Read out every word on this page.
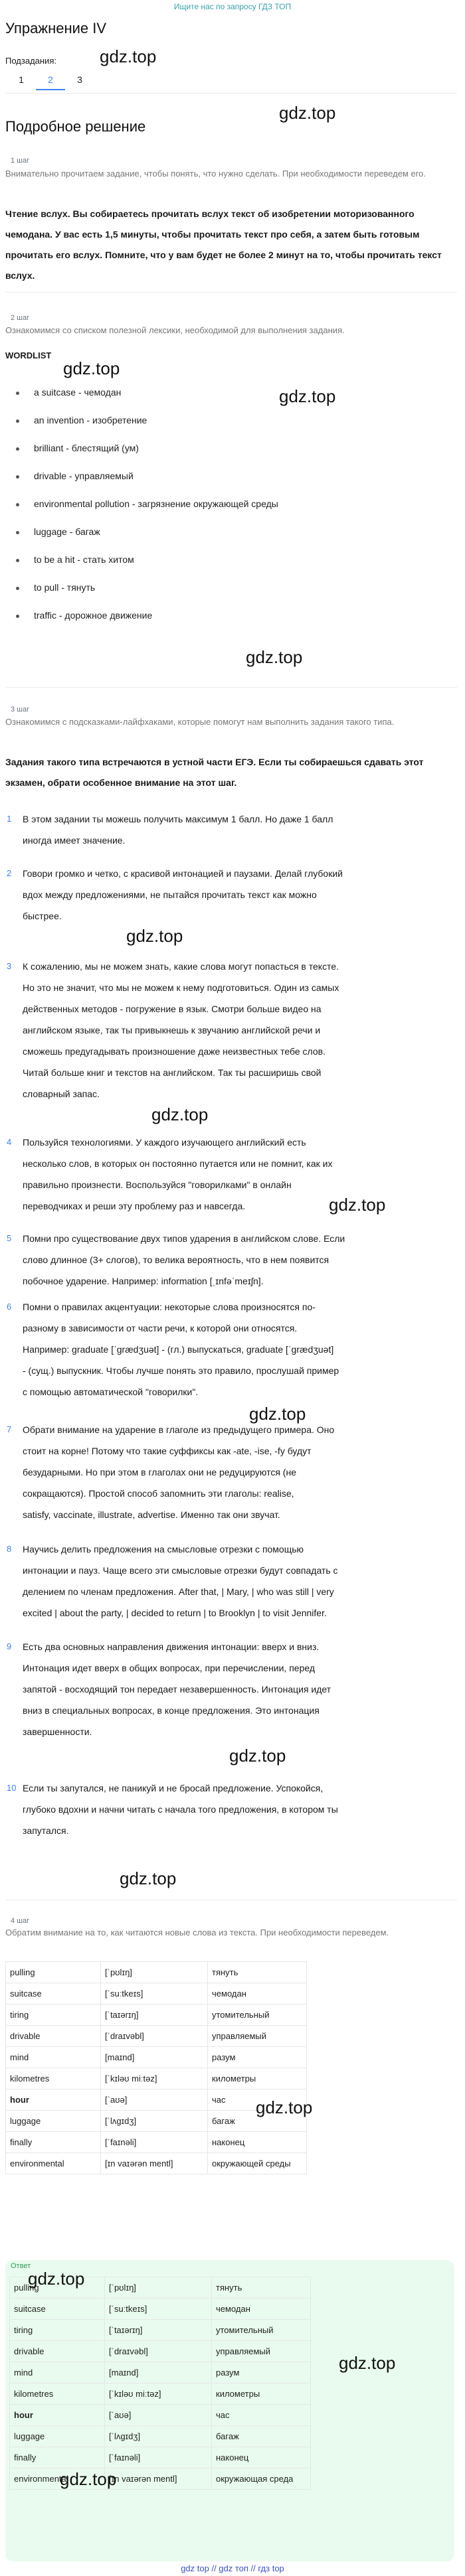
Ищите нас по запросу ГДЗ ТОП
Упражнение IV
gdz.top
Подзадания:
1	2	3
Подробное решение
gdz.top
1 шаг
Внимательно прочитаем задание, чтобы понять, что нужно сделать. При необходимости переведем его.
Чтение вслух. Вы собираетесь прочитать вслух текст об изобретении моторизованного чемодана. У вас есть 1,5 минуты, чтобы прочитать текст про себя, а затем быть готовым прочитать его вслух. Помните, что у вам будет не более 2 минут на то, чтобы прочитать текст вслух.
2 шаг
Ознакомимся со списком полезной лексики, необходимой для выполнения задания.
WORDLIST
gdz.top
gdz.top
a suitcase - чемодан
an invention - изобретение
brilliant - блестящий (ум)
drivable - управляемый
environmental pollution - загрязнение окружающей среды
luggage - багаж
to be a hit - стать хитом
to pull - тянуть
traffic - дорожное движение
gdz.top
3 шаг
Ознакомимся с подсказками-лайфхаками, которые помогут нам выполнить задания такого типа.
Задания такого типа встречаются в устной части ЕГЭ. Если ты собираешься сдавать этот экзамен, обрати особенное внимание на этот шаг.
1	В этом задании ты можешь получить максимум 1 балл. Но даже 1 балл
иногда имеет значение.
2	Говори громко и четко, с красивой интонацией и паузами. Делай глубокий
вдох между предложениями, не пытайся прочитать текст как можно
быстрее.
gdz.top
3	К сожалению, мы не можем знать, какие слова могут попасться в тексте.
Но это не значит, что мы не можем к нему подготовиться. Один из самых
действенных методов - погружение в язык. Смотри больше видео на
английском языке, так ты привыкнешь к звучанию английской речи и
сможешь предугадывать произношение даже неизвестных тебе слов.
Читай больше книг и текстов на английском. Так ты расширишь свой
словарный запас.
gdz.top
4	Пользуйся технологиями. У каждого изучающего английский есть
несколько слов, в которых он постоянно путается или не помнит, как их
правильно произнести. Воспользуйся "говорилками" в онлайн
переводчиках и реши эту проблему раз и навсегда.	gdz.top
5	Помни про существование двух типов ударения в английском слове. Если
слово длинное (3+ слогов), то велика вероятность, что в нем появится
побочное ударение. Например: information [ˌɪnfəˈmeɪʃn].
6	Помни о правилах акцентуации: некоторые слова произносятся по-
разному в зависимости от части речи, к которой они относятся.
Например: graduate [ˈɡrædʒuət] - (гл.) выпускаться, graduate [ˈɡrædʒuət]
- (сущ.) выпускник. Чтобы лучше понять это правило, прослушай пример
с помощью автоматической "говорилки".
gdz.top
7	Обрати внимание на ударение в глаголе из предыдущего примера. Оно
стоит на корне! Потому что такие суффиксы как -ate, -ise, -fy будут
безударными. Но при этом в глаголах они не редуцируются (не
сокращаются). Простой способ запомнить эти глаголы: realise,
satisfy, vaccinate, illustrate, advertise. Именно так они звучат.
8	Научись делить предложения на смысловые отрезки с помощью
интонации и пауз. Чаще всего эти смысловые отрезки будут совпадать с
делением по членам предложения. After that, | Mary, | who was still | very
excited | about the party, | decided to return | to Brooklyn | to visit Jennifer.
9	Есть два основных направления движения интонации: вверх и вниз.
Интонация идет вверх в общих вопросах, при перечислении, перед
запятой - восходящий тон передает незавершенность. Интонация идет
вниз в специальных вопросах, в конце предложения. Это интонация
завершенности.
gdz.top
10 Если ты запутался, не паникуй и не бросай предложение. Успокойся,
глубоко вдохни и начни читать с начала того предложения, в котором ты
запутался.
gdz.top
4 шаг
Обратим внимание на то, как читаются новые слова из текста. При необходимости переведем.
pulling	[ˈpʊlɪŋ]	тянуть
suitcase	[ˈsuːtkeɪs]	чемодан
tiring	[ˈtaɪərɪŋ]	утомительный
drivable	[ˈdraɪvəbl]	управляемый
mind	[maɪnd]	разум
kilometres	[ˈkɪləʊ miːtəz]	километры
hour	[ˈaʊə]	час
luggage	[ˈlʌɡɪdʒ]	багаж
finally	[ˈfaɪnəli]	наконец
environmental	[ɪn vaɪərən mentl]	окружающей среды
gdz.top
Ответ
pulling	[ˈpʊlɪŋ]	тянуть
suitcase	[ˈsuːtkeɪs]	чемодан
tiring	[ˈtaɪərɪŋ]	утомительный
drivable	[ˈdraɪvəbl]	управляемый
mind	[maɪnd]	разум
kilometres	[ˈkɪləʊ miːtəz]	километры
hour	[ˈaʊə]	час
luggage	[ˈlʌɡɪdʒ]	багаж
finally	[ˈfaɪnəli]	наконец
environmental	[ɪn vaɪərən mentl]	окружающая среда
gdz.top
gdz.top
gdz.top
gdz top // gdz топ // гдз top
